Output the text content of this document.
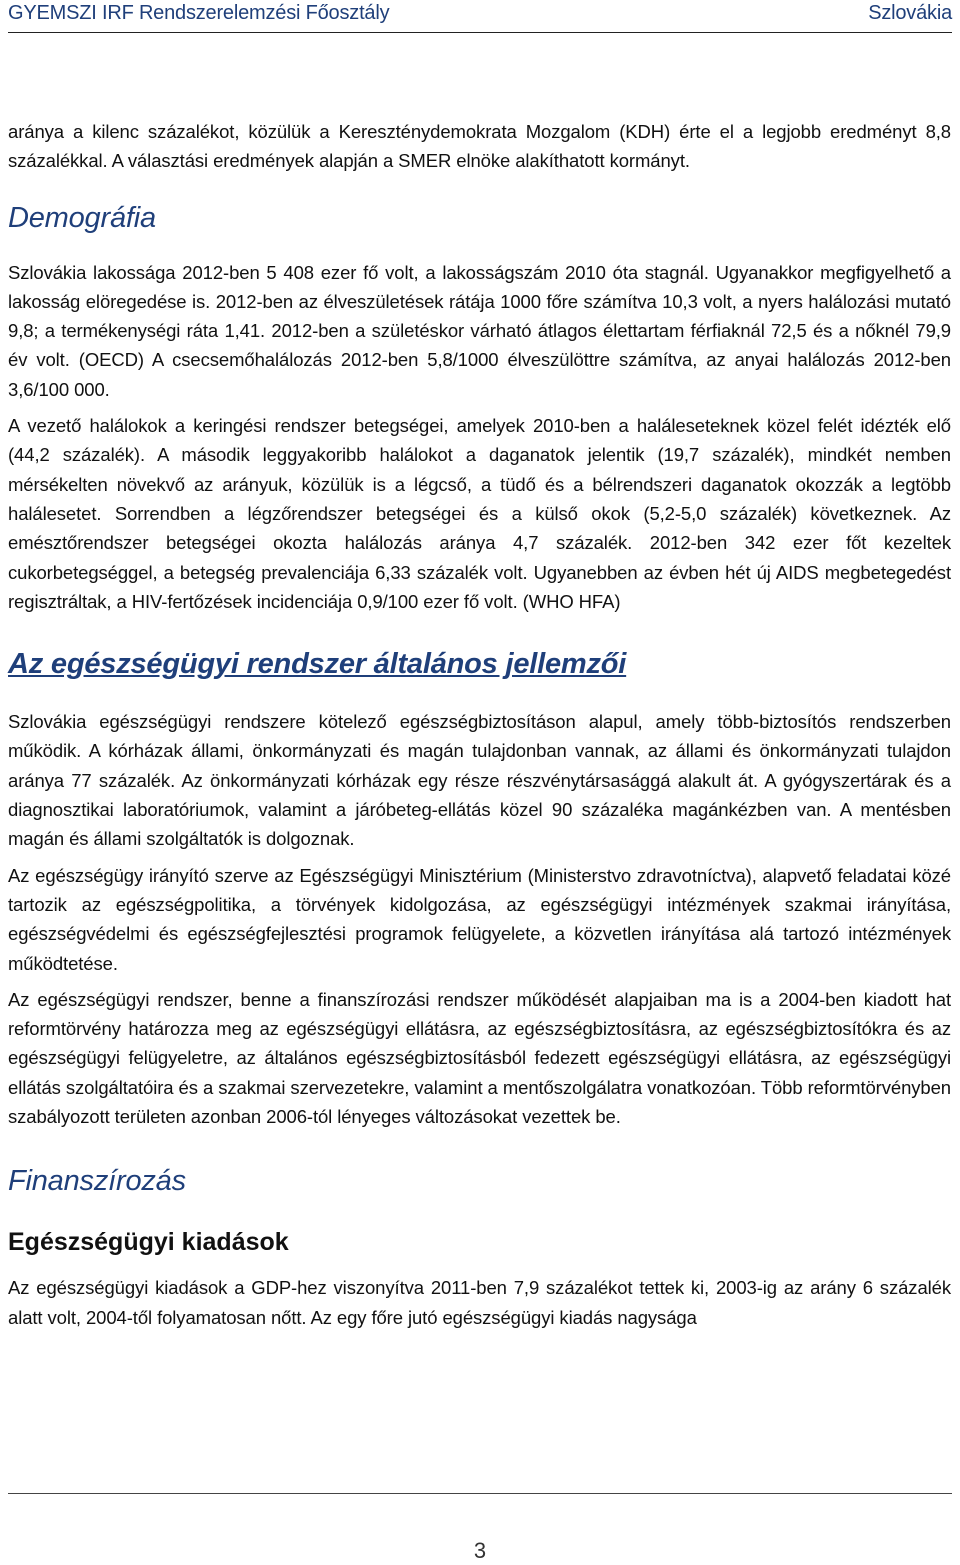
GYEMSZI IRF Rendszerelemzési Főosztály	Szlovákia

aránya a kilenc százalékot, közülük a Kereszténydemokrata Mozgalom (KDH) érte el a legjobb eredményt 8,8 százalékkal. A választási eredmények alapján a SMER elnöke alakíthatott kormányt.

Demográfia

Szlovákia lakossága 2012-ben 5 408 ezer fő volt, a lakosságszám 2010 óta stagnál. Ugyanakkor megfigyelhető a lakosság elöregedése is. 2012-ben az élveszületések rátája 1000 főre számítva 10,3 volt, a nyers halálozási mutató 9,8; a termékenységi ráta 1,41. 2012-ben a születéskor várható átlagos élettartam férfiaknál 72,5 és a nőknél 79,9 év volt. (OECD) A csecsemőhalálozás 2012-ben 5,8/1000 élveszülöttre számítva, az anyai halálozás 2012-ben 3,6/100 000.

A vezető halálokok a keringési rendszer betegségei, amelyek 2010-ben a haláleseteknek közel felét idézték elő (44,2 százalék). A második leggyakoribb halálokot a daganatok jelentik (19,7 százalék), mindkét nemben mérsékelten növekvő az arányuk, közülük is a légcső, a tüdő és a bélrendszeri daganatok okozzák a legtöbb halálesetet. Sorrendben a légzőrendszer betegségei és a külső okok (5,2-5,0 százalék) következnek. Az emésztőrendszer betegségei okozta halálozás aránya 4,7 százalék. 2012-ben 342 ezer főt kezeltek cukorbetegséggel, a betegség prevalenciája 6,33 százalék volt. Ugyanebben az évben hét új AIDS megbetegedést regisztráltak, a HIV-fertőzések incidenciája 0,9/100 ezer fő volt. (WHO HFA)

Az egészségügyi rendszer általános jellemzői

Szlovákia egészségügyi rendszere kötelező egészségbiztosításon alapul, amely több-biztosítós rendszerben működik. A kórházak állami, önkormányzati és magán tulajdonban vannak, az állami és önkormányzati tulajdon aránya 77 százalék. Az önkormányzati kórházak egy része részvénytársasággá alakult át. A gyógyszertárak és a diagnosztikai laboratóriumok, valamint a járóbeteg-ellátás közel 90 százaléka magánkézben van. A mentésben magán és állami szolgáltatók is dolgoznak.

Az egészségügy irányító szerve az Egészségügyi Minisztérium (Ministerstvo zdravotníctva), alapvető feladatai közé tartozik az egészségpolitika, a törvények kidolgozása, az egészségügyi intézmények szakmai irányítása, egészségvédelmi és egészségfejlesztési programok felügyelete, a közvetlen irányítása alá tartozó intézmények működtetése.

Az egészségügyi rendszer, benne a finanszírozási rendszer működését alapjaiban ma is a 2004-ben kiadott hat reformtörvény határozza meg az egészségügyi ellátásra, az egészségbiztosításra, az egészségbiztosítókra és az egészségügyi felügyeletre, az általános egészségbiztosításból fedezett egészségügyi ellátásra, az egészségügyi ellátás szolgáltatóira és a szakmai szervezetekre, valamint a mentőszolgálatra vonatkozóan. Több reformtörvényben szabályozott területen azonban 2006-tól lényeges változásokat vezettek be.

Finanszírozás
Egészségügyi kiadások

Az egészségügyi kiadások a GDP-hez viszonyítva 2011-ben 7,9 százalékot tettek ki, 2003-ig az arány 6 százalék alatt volt, 2004-től folyamatosan nőtt. Az egy főre jutó egészségügyi kiadás nagysága

3
